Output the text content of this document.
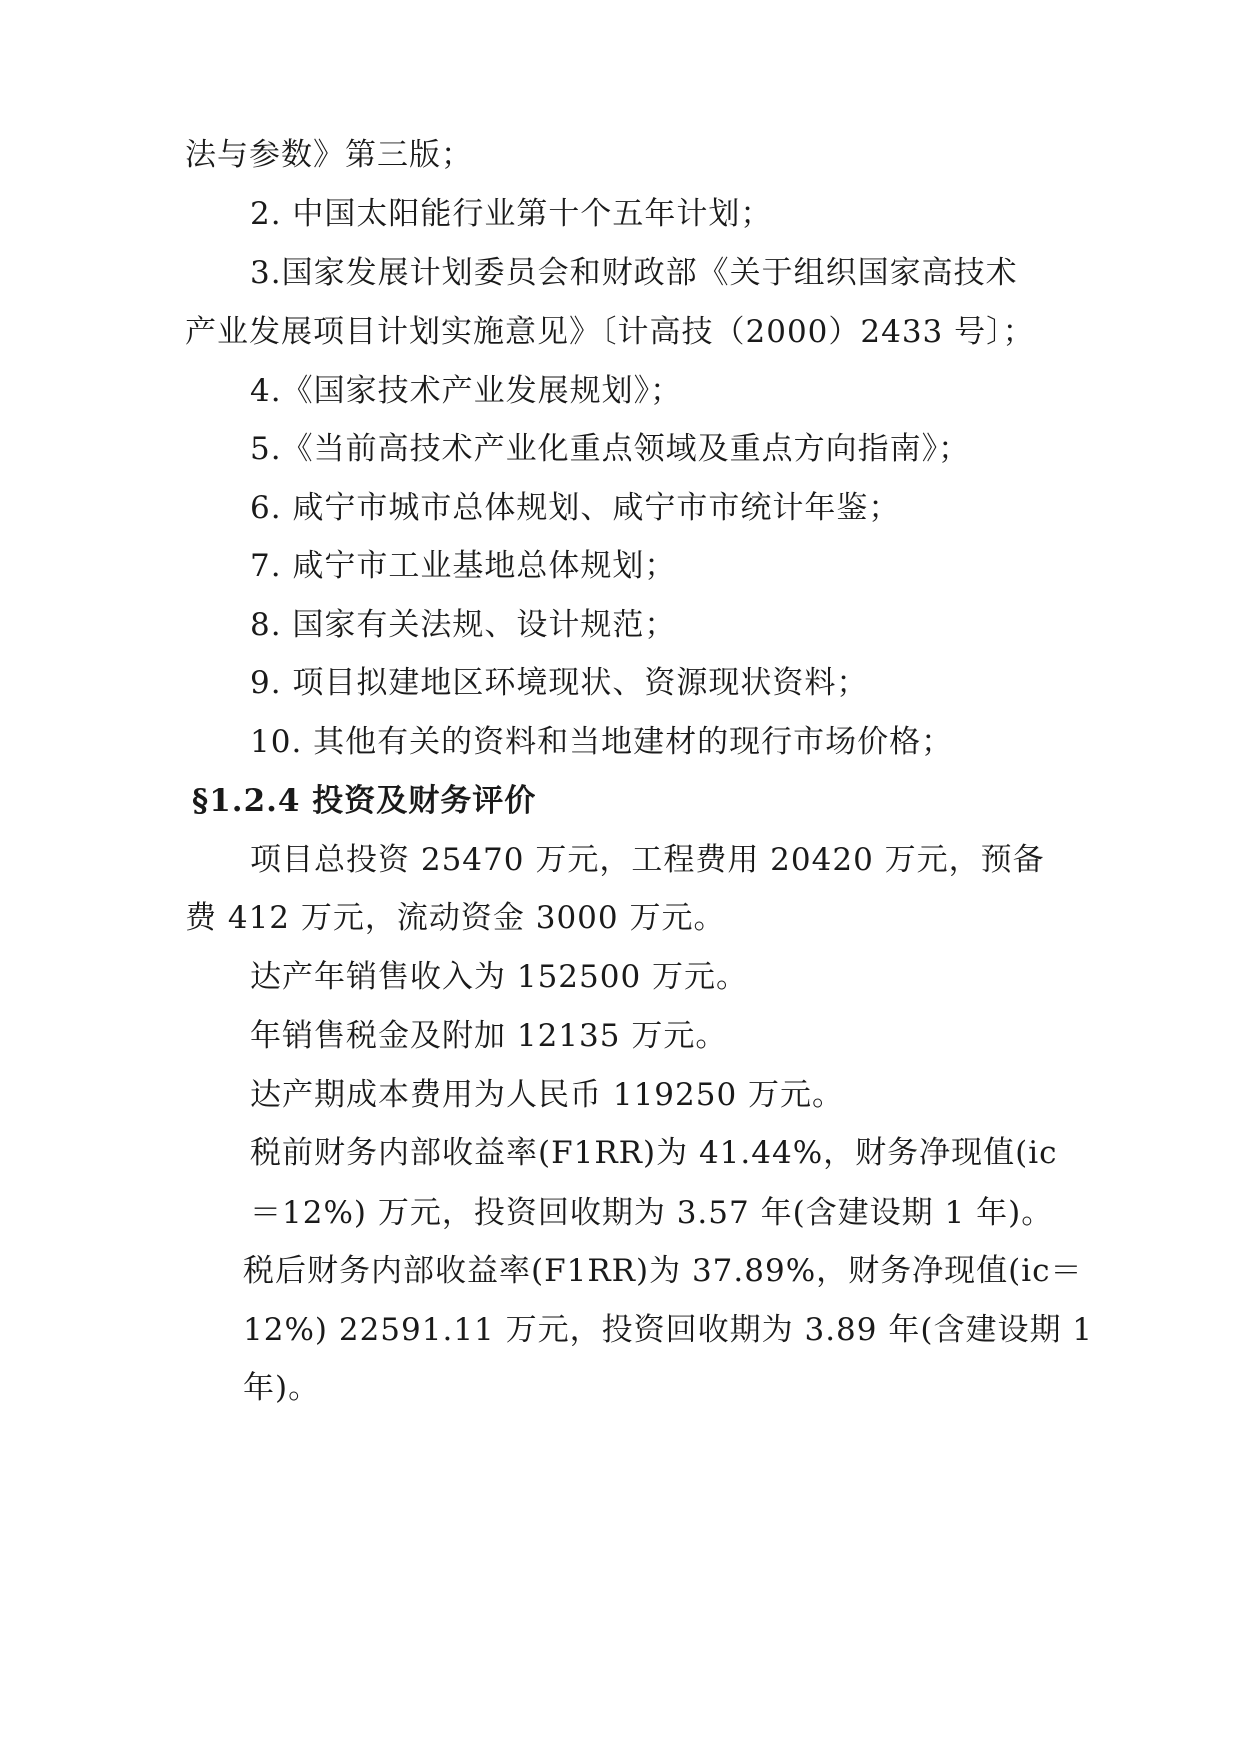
法与参数》第三版；
2. 中国太阳能行业第十个五年计划；
3.国家发展计划委员会和财政部《关于组织国家高技术
产业发展项目计划实施意见》〔计高技（2000）2433 号〕；
4.《国家技术产业发展规划》；
5.《当前高技术产业化重点领域及重点方向指南》；
6. 咸宁市城市总体规划、咸宁市市统计年鉴；
7. 咸宁市工业基地总体规划；
8. 国家有关法规、设计规范；
9. 项目拟建地区环境现状、资源现状资料；
10. 其他有关的资料和当地建材的现行市场价格；
§1.2.4 投资及财务评价
项目总投资 25470 万元，工程费用 20420 万元，预备
费 412 万元，流动资金 3000 万元。
达产年销售收入为 152500 万元。
年销售税金及附加 12135 万元。
达产期成本费用为人民币 119250 万元。
税前财务内部收益率(F1RR)为 41.44%，财务净现值(ic
＝12%) 万元，投资回收期为 3.57 年(含建设期 1 年)。
税后财务内部收益率(F1RR)为 37.89%，财务净现值(ic＝
12%) 22591.11 万元，投资回收期为 3.89 年(含建设期 1
年)。
